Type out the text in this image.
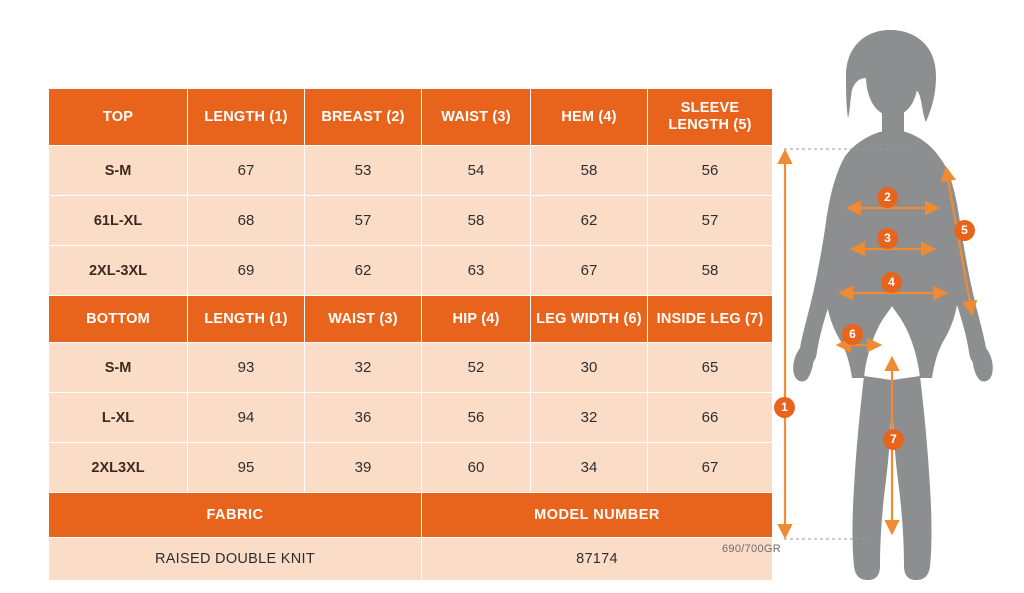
TOP	LENGTH (1)	BREAST (2)	WAIST (3)	HEM (4)	SLEEVE LENGTH (5)
S-M	67	53	54	58	56
61L-XL	68	57	58	62	57
2XL-3XL	69	62	63	67	58
BOTTOM	LENGTH (1)	WAIST (3)	HIP (4)	LEG WIDTH (6)	INSIDE LEG (7)
S-M	93	32	52	30	65
L-XL	94	36	56	32	66
2XL3XL	95	39	60	34	67
FABRIC			MODEL NUMBER		
RAISED DOUBLE KNIT			87174		
690/700GR
1
2
3
4
5
6
7
